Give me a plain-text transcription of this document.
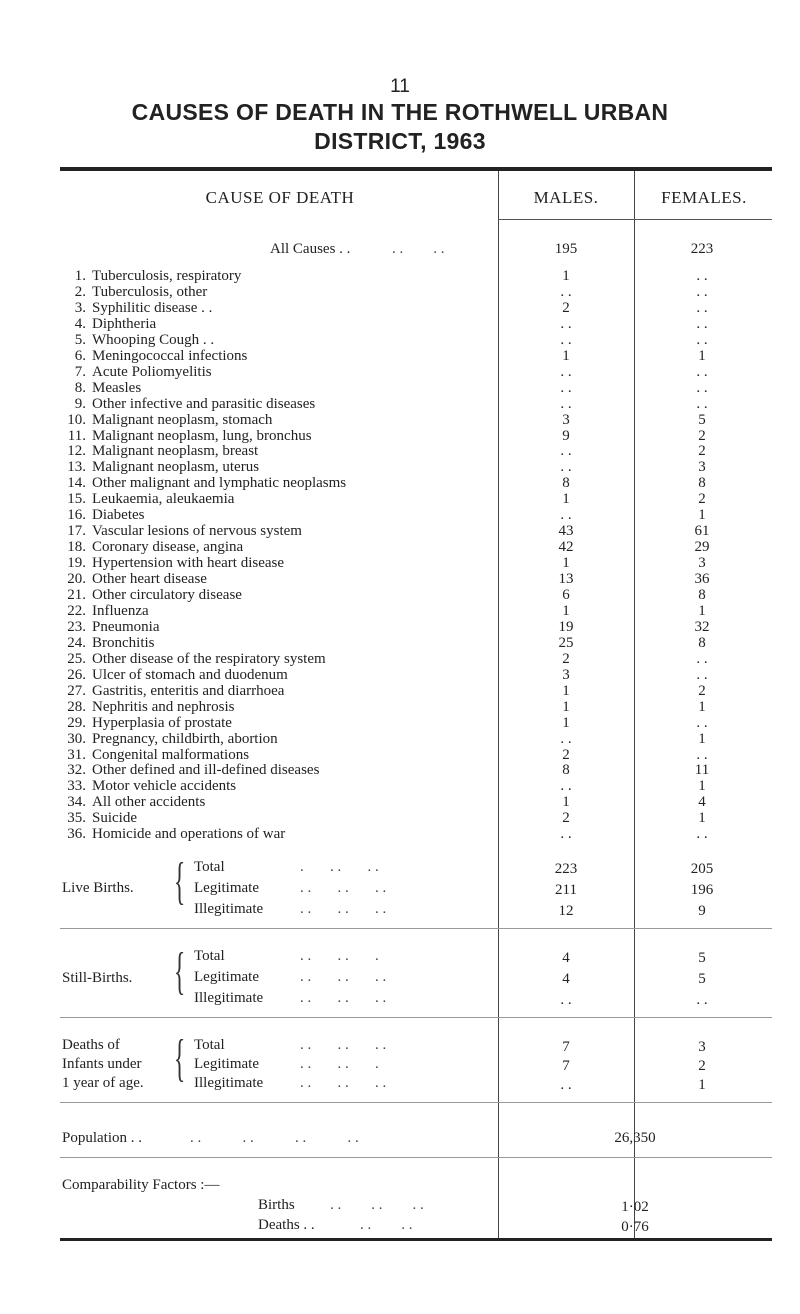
11
CAUSES OF DEATH IN THE ROTHWELL URBAN
DISTRICT, 1963
CAUSE OF DEATH	MALES.	FEMALES.
All Causes . .	. .        . .	195	223
1. Tuberculosis, respiratory	1	. .
2. Tuberculosis, other	. .	. .
3. Syphilitic disease . .	2	. .
4. Diphtheria	. .	. .
5. Whooping Cough . .	. .	. .
6. Meningococcal infections	1	1
7. Acute Poliomyelitis	. .	. .
8. Measles	. .	. .
9. Other infective and parasitic diseases	. .	. .
10. Malignant neoplasm, stomach	3	5
11. Malignant neoplasm, lung, bronchus	9	2
12. Malignant neoplasm, breast	. .	2
13. Malignant neoplasm, uterus	. .	3
14. Other malignant and lymphatic neoplasms	8	8
15. Leukaemia, aleukaemia	1	2
16. Diabetes	. .	1
17. Vascular lesions of nervous system	43	61
18. Coronary disease, angina	42	29
19. Hypertension with heart disease	1	3
20. Other heart disease	13	36
21. Other circulatory disease	6	8
22. Influenza	1	1
23. Pneumonia	19	32
24. Bronchitis	25	8
25. Other disease of the respiratory system	2	. .
26. Ulcer of stomach and duodenum	3	. .
27. Gastritis, enteritis and diarrhoea	1	2
28. Nephritis and nephrosis	1	1
29. Hyperplasia of prostate	1	. .
30. Pregnancy, childbirth, abortion	. .	1
31. Congenital malformations	2	. .
32. Other defined and ill-defined diseases	8	11
33. Motor vehicle accidents	. .	1
34. All other accidents	1	4
35. Suicide	2	1
36. Homicide and operations of war	. .	. .
Live Births. { Total	.       . .       . .	223	205
Legitimate	. .       . .       . .	211	196
Illegitimate . .       . .       . .	12	9
Still-Births. { Total	. .       . .       .	4	5
Legitimate	. .       . .       . .	4	5
Illegitimate . .       . .       . .	. .	. .
Deaths of
Infants under
1 year of age. { Total	. .       . .       . .	7	3
Legitimate	. .       . .       .	7	2
Illegitimate . .       . .       . .	. .	1
Population . .	. .           . .           . .           . .	26,350
Comparability Factors :—
Births . .        . .        . .	1·02
Deaths . .	. .        . .	0·76
